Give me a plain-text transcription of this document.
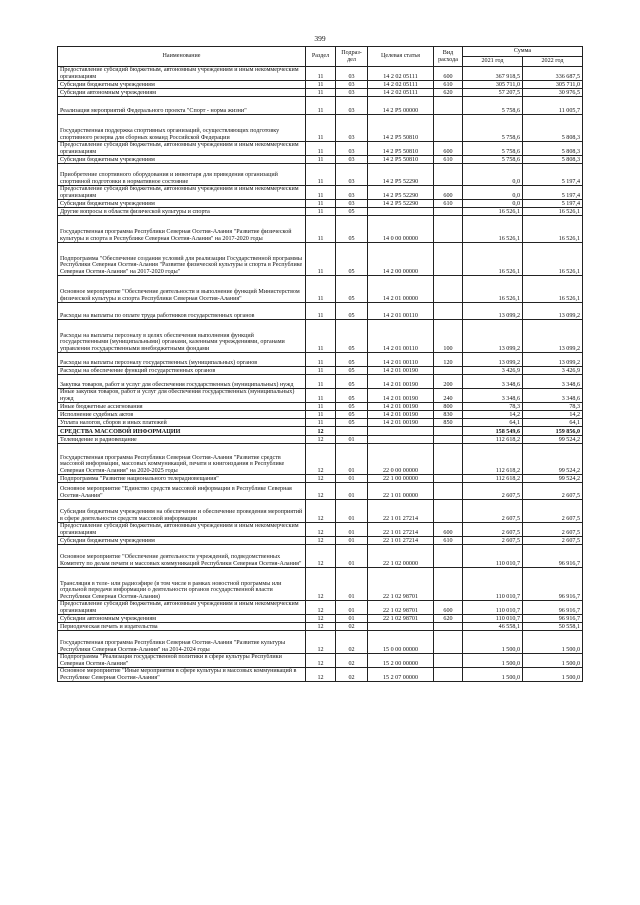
399
Наименование	Раздел	Подраз-
дел	Целевая статья	Вид расхода	Сумма	
					2021 год	2022 год
Предоставление субсидий бюджетным, автономным учреждениям и иным некоммерческим организациям	11	03	14 2 02 05111	600	367 918,5	336 687,5
Субсидии бюджетным учреждениям	11	03	14 2 02 05111	610	305 711,0	305 711,0
Субсидии автономным учреждениям	11	03	14 2 02 05111	620	57 207,5	30 976,5
Реализация мероприятий Федерального проекта "Спорт - норма жизни"	11	03	14 2 P5 00000		5 758,6	11 005,7
Государственная поддержка спортивных организаций, осуществляющих подготовку спортивного резерва для сборных команд Российской Федерации	11	03	14 2 P5 50810		5 758,6	5 808,3
Предоставление субсидий бюджетным, автономным учреждениям и иным некоммерческим организациям	11	03	14 2 P5 50810	600	5 758,6	5 808,3
Субсидии бюджетным учреждениям	11	03	14 2 P5 50810	610	5 758,6	5 808,3
Приобретение спортивного оборудования и инвентаря для приведения организаций спортивной подготовки в нормативное состояние	11	03	14 2 P5 52290		0,0	5 197,4
Предоставление субсидий бюджетным, автономным учреждениям и иным некоммерческим организациям	11	03	14 2 P5 52290	600	0,0	5 197,4
Субсидии бюджетным учреждениям	11	03	14 2 P5 52290	610	0,0	5 197,4
Другие вопросы в области физической культуры и спорта	11	05			16 526,1	16 526,1
Государственная программа Республики Северная Осетия-Алания "Развитие физической культуры и спорта в Республике Северная Осетия-Алания" на 2017-2020 годы	11	05	14 0 00 00000		16 526,1	16 526,1
Подпрограмма "Обеспечение создания условий для реализации Государственной программы Республики Северная Осетия-Алания "Развитие физической культуры и спорта в Республике Северная Осетия-Алания" на 2017-2020 годы"	11	05	14 2 00 00000		16 526,1	16 526,1
Основное мероприятие "Обеспечение деятельности и выполнение функций Министерством физической культуры и спорта Республики Северная Осетия-Алания"	11	05	14 2 01 00000		16 526,1	16 526,1
Расходы на выплаты по оплате труда работников государственных органов	11	05	14 2 01 00110		13 099,2	13 099,2
Расходы на выплаты персоналу в целях обеспечения выполнения функций государственными (муниципальными) органами, казенными учреждениями, органами управления государственными внебюджетными фондами	11	05	14 2 01 00110	100	13 099,2	13 099,2
Расходы на выплаты персоналу государственных (муниципальных) органов	11	05	14 2 01 00110	120	13 099,2	13 099,2
Расходы на обеспечение функций государственных органов	11	05	14 2 01 00190		3 426,9	3 426,9
Закупка товаров, работ и услуг для обеспечения государственных (муниципальных) нужд	11	05	14 2 01 00190	200	3 348,6	3 348,6
Иные закупки товаров, работ и услуг для обеспечения государственных (муниципальных) нужд	11	05	14 2 01 00190	240	3 348,6	3 348,6
Иные бюджетные ассигнования	11	05	14 2 01 00190	800	78,3	78,3
Исполнение судебных актов	11	05	14 2 01 00190	830	14,2	14,2
Уплата налогов, сборов и иных платежей	11	05	14 2 01 00190	850	64,1	64,1
СРЕДСТВА МАССОВОЙ ИНФОРМАЦИИ	12				158 549,6	159 856,0
Телевидение и радиовещание	12	01			112 618,2	99 524,2
Государственная программа Республики Северная Осетия-Алания "Развитие средств массовой информации, массовых коммуникаций, печати и книгоиздания в Республике Северная Осетия-Алания" на 2020-2025 годы	12	01	22 0 00 00000		112 618,2	99 524,2
Подпрограмма "Развитие национального телерадиовещания"	12	01	22 1 00 00000		112 618,2	99 524,2
Основное мероприятие "Единство средств массовой информации в Республике Северная Осетия-Алания"	12	01	22 1 01 00000		2 607,5	2 607,5
Субсидии бюджетным учреждениям на обеспечение и обеспечение проведения мероприятий в сфере деятельности средств массовой информации	12	01	22 1 01 27214		2 607,5	2 607,5
Предоставление субсидий бюджетным, автономным учреждениям и иным некоммерческим организациям	12	01	22 1 01 27214	600	2 607,5	2 607,5
Субсидии бюджетным учреждениям	12	01	22 1 01 27214	610	2 607,5	2 607,5
Основное мероприятие "Обеспечение деятельности учреждений, подведомственных Комитету по делам печати и массовых коммуникаций Республики Северная Осетия-Алания"	12	01	22 1 02 00000		110 010,7	96 916,7
Трансляция в теле- или радиоэфире (в том числе в рамках новостной программы или отдельной передачи информации о деятельности органов государственной власти Республики Северная Осетия-Алания)	12	01	22 1 02 98701		110 010,7	96 916,7
Предоставление субсидий бюджетным, автономным учреждениям и иным некоммерческим организациям	12	01	22 1 02 98701	600	110 010,7	96 916,7
Субсидии автономным учреждениям	12	01	22 1 02 98701	620	110 010,7	96 916,7
Периодическая печать и издательства	12	02			46 558,1	50 558,1
Государственная программа Республики Северная Осетия-Алания "Развитие культуры Республики Северная Осетия-Алания" на 2014-2024 годы	12	02	15 0 00 00000		1 500,0	1 500,0
Подпрограмма "Реализация государственной политики в сфере культуры Республики Северная Осетия-Алания"	12	02	15 2 00 00000		1 500,0	1 500,0
Основное мероприятие "Иные мероприятия в сфере культуры и массовых коммуникаций в Республике Северная Осетия-Алания"	12	02	15 2 07 00000		1 500,0	1 500,0
